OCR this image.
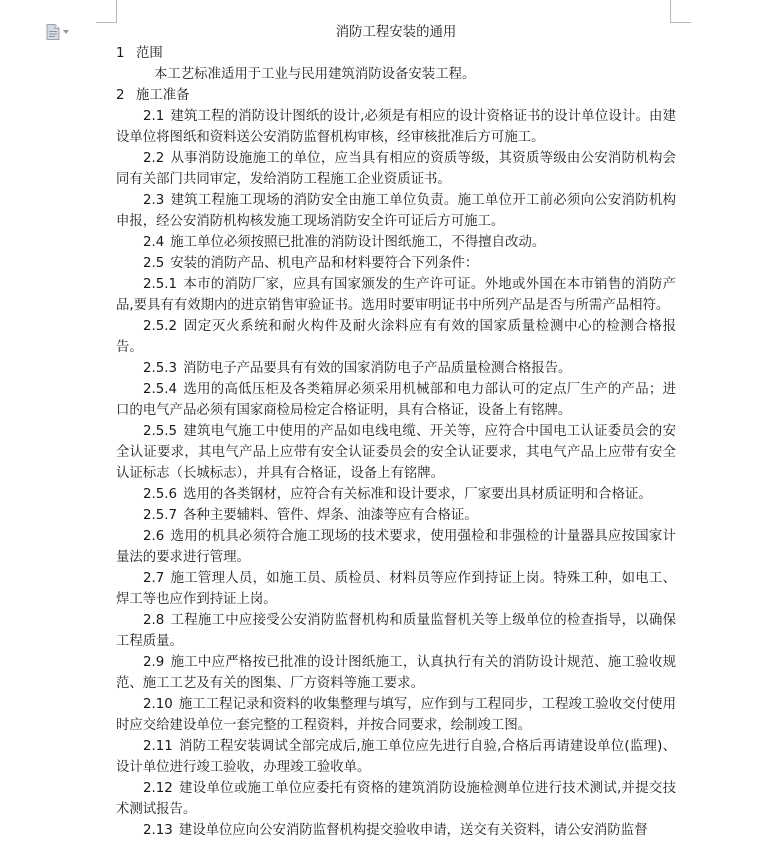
消防工程安装的通用

1 范围

本工艺标准适用于工业与民用建筑消防设备安装工程。

2 施工准备

2.1 建筑工程的消防设计图纸的设计,必须是有相应的设计资格证书的设计单位设计。由建设单位将图纸和资料送公安消防监督机构审核，经审核批准后方可施工。

2.2 从事消防设施施工的单位，应当具有相应的资质等级，其资质等级由公安消防机构会同有关部门共同审定，发给消防工程施工企业资质证书。

2.3 建筑工程施工现场的消防安全由施工单位负责。施工单位开工前必须向公安消防机构申报，经公安消防机构核发施工现场消防安全许可证后方可施工。

2.4 施工单位必须按照已批准的消防设计图纸施工，不得擅自改动。

2.5 安装的消防产品、机电产品和材料要符合下列条件：

2.5.1 本市的消防厂家，应具有国家颁发的生产许可证。外地或外国在本市销售的消防产品,要具有有效期内的进京销售审验证书。选用时要审明证书中所列产品是否与所需产品相符。

2.5.2 固定灭火系统和耐火构件及耐火涂料应有有效的国家质量检测中心的检测合格报告。

2.5.3 消防电子产品要具有有效的国家消防电子产品质量检测合格报告。

2.5.4 选用的高低压柜及各类箱屏必须采用机械部和电力部认可的定点厂生产的产品；进口的电气产品必须有国家商检局检定合格证明，具有合格证，设备上有铭牌。

2.5.5 建筑电气施工中使用的产品如电线电缆、开关等，应符合中国电工认证委员会的安全认证要求，其电气产品上应带有安全认证委员会的安全认证要求，其电气产品上应带有安全认证标志（长城标志），并具有合格证，设备上有铭牌。

2.5.6 选用的各类钢材，应符合有关标准和设计要求，厂家要出具材质证明和合格证。

2.5.7 各种主要辅料、管件、焊条、油漆等应有合格证。

2.6 选用的机具必须符合施工现场的技术要求，使用强检和非强检的计量器具应按国家计量法的要求进行管理。

2.7 施工管理人员，如施工员、质检员、材料员等应作到持证上岗。特殊工种，如电工、焊工等也应作到持证上岗。

2.8 工程施工中应接受公安消防监督机构和质量监督机关等上级单位的检查指导，以确保工程质量。

2.9 施工中应严格按已批准的设计图纸施工，认真执行有关的消防设计规范、施工验收规范、施工工艺及有关的图集、厂方资料等施工要求。

2.10 施工工程记录和资料的收集整理与填写，应作到与工程同步，工程竣工验收交付使用时应交给建设单位一套完整的工程资料，并按合同要求，绘制竣工图。

2.11 消防工程安装调试全部完成后,施工单位应先进行自验,合格后再请建设单位(监理)、设计单位进行竣工验收，办理竣工验收单。

2.12 建设单位或施工单位应委托有资格的建筑消防设施检测单位进行技术测试,并提交技术测试报告。

2.13 建设单位应向公安消防监督机构提交验收申请，送交有关资料，请公安消防监督
